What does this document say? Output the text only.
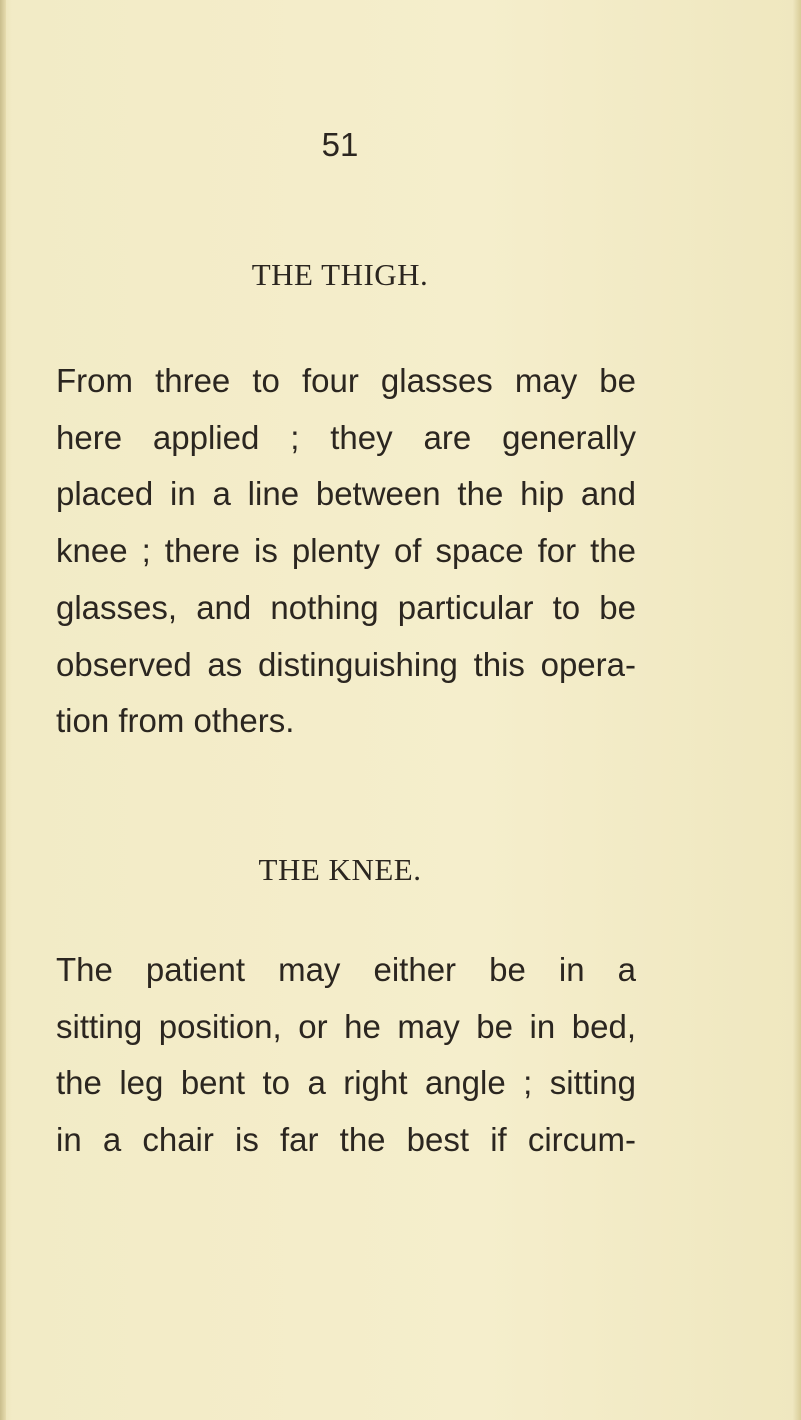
51
THE THIGH.
From three to four glasses may be
here applied ; they are generally
placed in a line between the hip and
knee ; there is plenty of space for the
glasses, and nothing particular to be
observed as distinguishing this opera-
tion from others.
THE KNEE.
The patient may either be in a
sitting position, or he may be in bed,
the leg bent to a right angle ; sitting
in a chair is far the best if circum-
